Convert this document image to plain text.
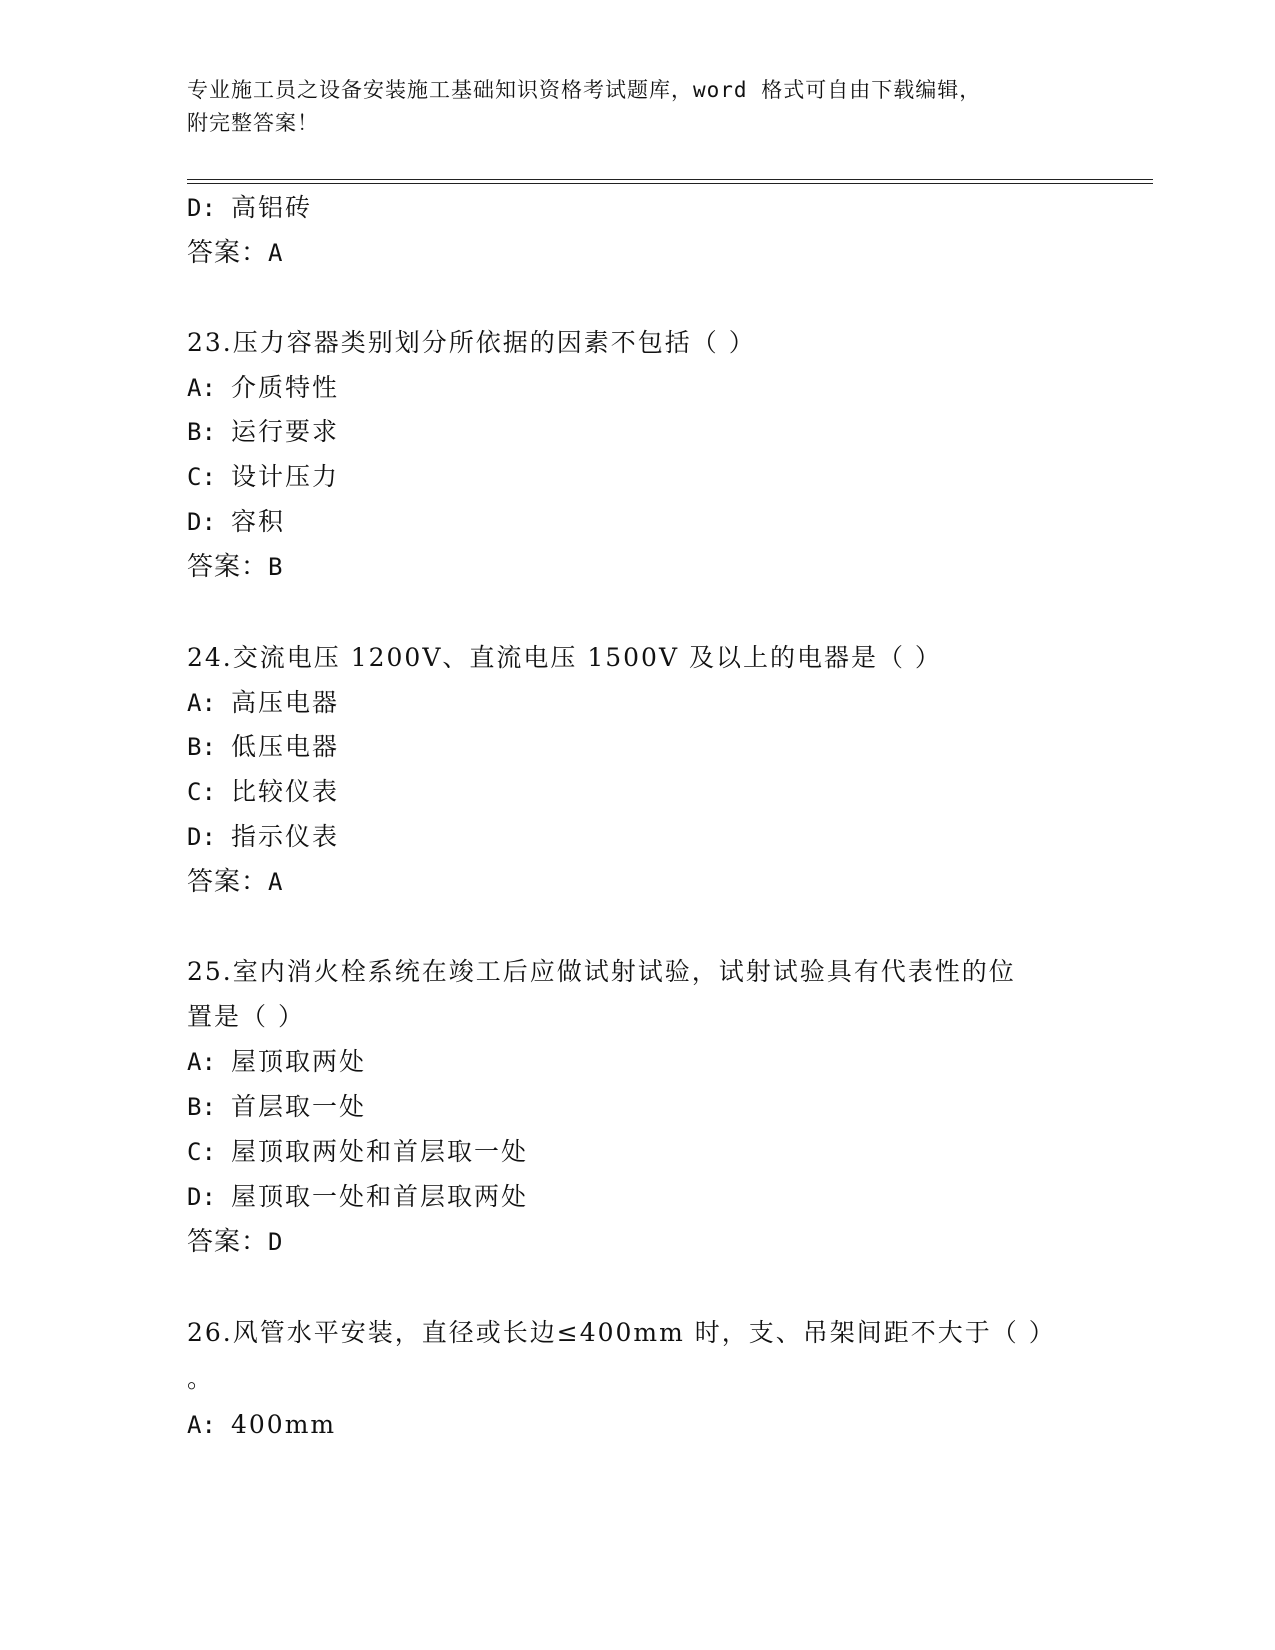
专业施工员之设备安装施工基础知识资格考试题库，word 格式可自由下载编辑，
附完整答案！
D: 高铝砖
答案：A
23.压力容器类别划分所依据的因素不包括（ ）
A: 介质特性
B: 运行要求
C: 设计压力
D: 容积
答案：B
24.交流电压 1200V、直流电压 1500V 及以上的电器是（ ）
A: 高压电器
B: 低压电器
C: 比较仪表
D: 指示仪表
答案：A
25.室内消火栓系统在竣工后应做试射试验，试射试验具有代表性的位
置是（ ）
A: 屋顶取两处
B: 首层取一处
C: 屋顶取两处和首层取一处
D: 屋顶取一处和首层取两处
答案：D
26.风管水平安装，直径或长边≤400mm 时，支、吊架间距不大于（ ）
。
A: 400mm
